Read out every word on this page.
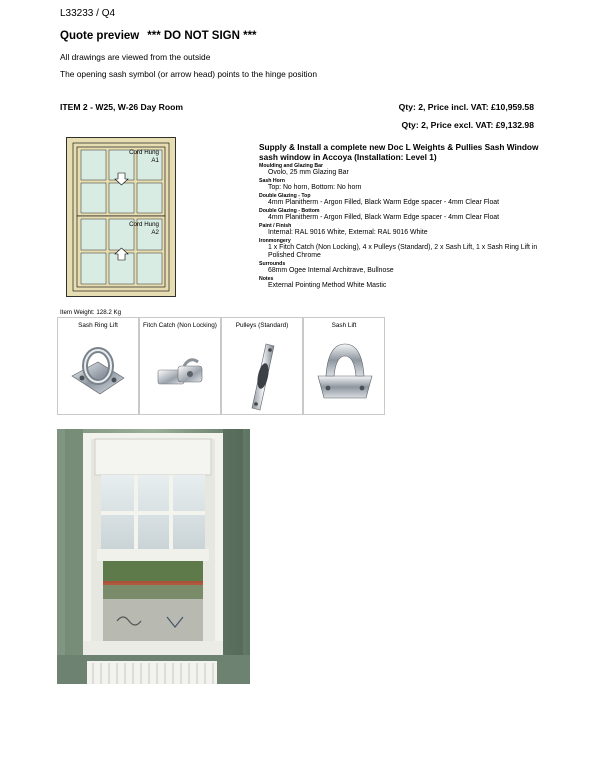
L33233 / Q4
Quote preview *** DO NOT SIGN ***
All drawings are viewed from the outside
The opening sash symbol (or arrow head) points to the hinge position
ITEM 2 - W25, W-26 Day Room	Qty: 2, Price incl. VAT: £10,959.58
Qty: 2, Price excl. VAT: £9,132.98
Cord Hung
A1
Cord Hung
A2
Supply & Install a complete new Doc L Weights & Pullies Sash Window sash window in Accoya (Installation: Level 1)
Moulding and Glazing Bar
Ovolo, 25 mm Glazing Bar
Sash Horn
Top: No horn, Bottom: No horn
Double Glazing - Top
4mm Planitherm - Argon Filled, Black Warm Edge spacer - 4mm Clear Float
Double Glazing - Bottom
4mm Planitherm - Argon Filled, Black Warm Edge spacer - 4mm Clear Float
Paint / Finish
Internal: RAL 9016 White, External: RAL 9016 White
Ironmongery
1 x Fitch Catch (Non Locking), 4 x Pulleys (Standard), 2 x Sash Lift, 1 x Sash Ring Lift in Polished Chrome
Surrounds
68mm Ogee Internal Architrave, Bullnose
Notes
External Pointing Method White Mastic
Item Weight: 128.2 Kg
Sash Ring Lift	Fitch Catch (Non Locking)	Pulleys (Standard)	Sash Lift
